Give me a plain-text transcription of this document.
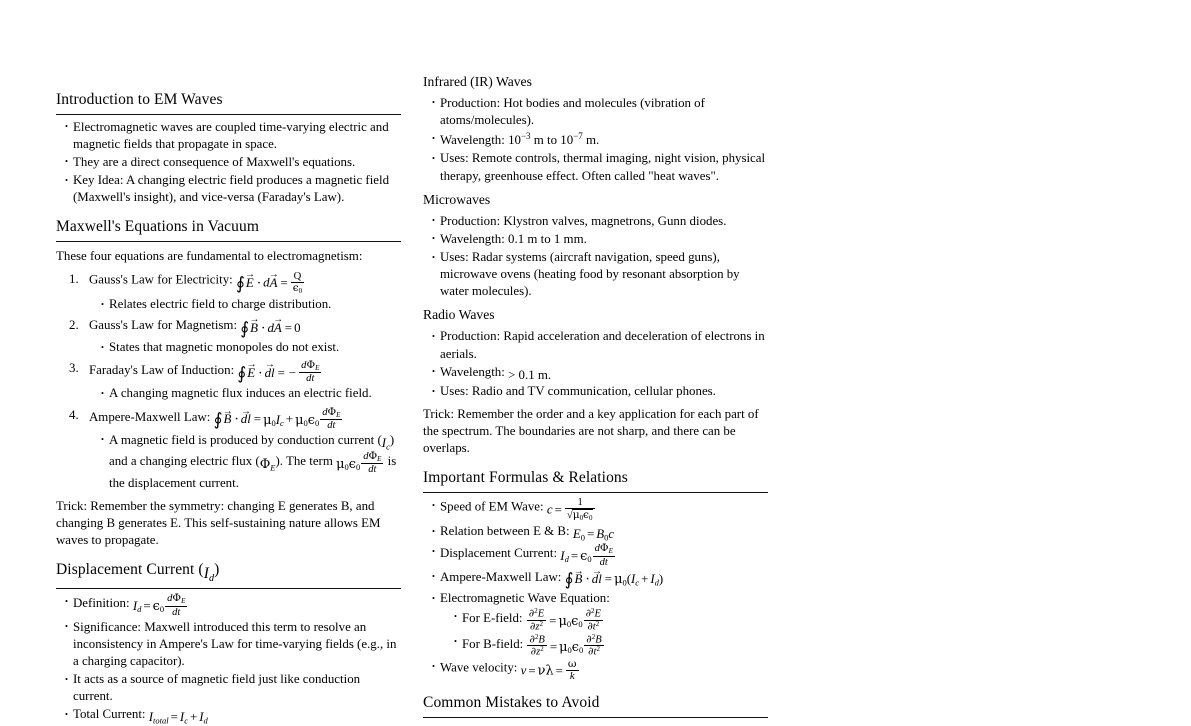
Introduction to EM Waves
• Electromagnetic waves are coupled time-varying electric and magnetic fields that propagate in space.
• They are a direct consequence of Maxwell's equations.
• Key Idea: A changing electric field produces a magnetic field (Maxwell's insight), and vice-versa (Faraday's Law).
Maxwell's Equations in Vacuum

These four equations are fundamental to electromagnetism:

Gauss's Law for Electricity: ∮E → ⋅ dA → = $\frac{Q}{\epsilon_0}$
• Relates electric field to charge distribution.
Gauss's Law for Magnetism: ∮B → ⋅ dA → = 0
• States that magnetic monopoles do not exist.
Faraday's Law of Induction: ∮E → ⋅ dl → = − $\frac{d\Phi_E}{dt}$
• A changing magnetic flux induces an electric field.
Ampere-Maxwell Law: ∮B → ⋅ dl → = $\mu_0I_c + \mu_0\epsilon_0 \frac{d\Phi_E}{dt}$
• A magnetic field is produced by conduction current $(I_c)$ and a changing electric flux $(\Phi_E)$. The term $\mu_0\epsilon_0 \frac{d\Phi_E}{dt}$ is the displacement current.

Trick: Remember the symmetry: changing E generates B, and changing B generates E. This self-sustaining nature allows EM waves to propagate.

Displacement Current $(I_d)$
• Definition: $I_d = \epsilon_0 \frac{d\Phi_E}{dt}$
• Significance: Maxwell introduced this term to resolve an inconsistency in Ampere's Law for time-varying fields (e.g., in a charging capacitor).
• It acts as a source of magnetic field just like conduction current.
• Total Current: $I_{total} = I_c + I_d$
Infrared (IR) Waves
• Production: Hot bodies and molecules (vibration of atoms/molecules).
• Wavelength: $10^{-3}$ m to $10^{-7}$ m.
• Uses: Remote controls, thermal imaging, night vision, physical therapy, greenhouse effect. Often called "heat waves".
Microwaves
• Production: Klystron valves, magnetrons, Gunn diodes.
• Wavelength: 0.1 m to 1 mm.
• Uses: Radar systems (aircraft navigation, speed guns), microwave ovens (heating food by resonant absorption by water molecules).
Radio Waves
• Production: Rapid acceleration and deceleration of electrons in aerials.
• Wavelength: > 0.1 m.
• Uses: Radio and TV communication, cellular phones.

Trick: Remember the order and a key application for each part of the spectrum. The boundaries are not sharp, and there can be overlaps.

Important Formulas & Relations
• Speed of EM Wave: $c = \frac{1}{√\mu_0\epsilon_0}$
• Relation between E & B: $E_0 = B_0c$
• Displacement Current: $I_d = \epsilon_0 \frac{d\Phi_E}{dt}$
• Ampere-Maxwell Law: ∮B → ⋅ dl → = $\mu_0(I_c + I_d)$
• Electromagnetic Wave Equation:
• For E-field: $\frac{\partial^2E}{\partial z^2} = \mu_0\epsilon_0 \frac{\partial^2E}{\partial t^2}$
• For B-field: $\frac{\partial^2B}{\partial z^2} = \mu_0\epsilon_0 \frac{\partial^2B}{\partial t^2}$
• Wave velocity: $v = \nu\lambda = \frac{\omega}{k}$
Common Mistakes to Avoid
